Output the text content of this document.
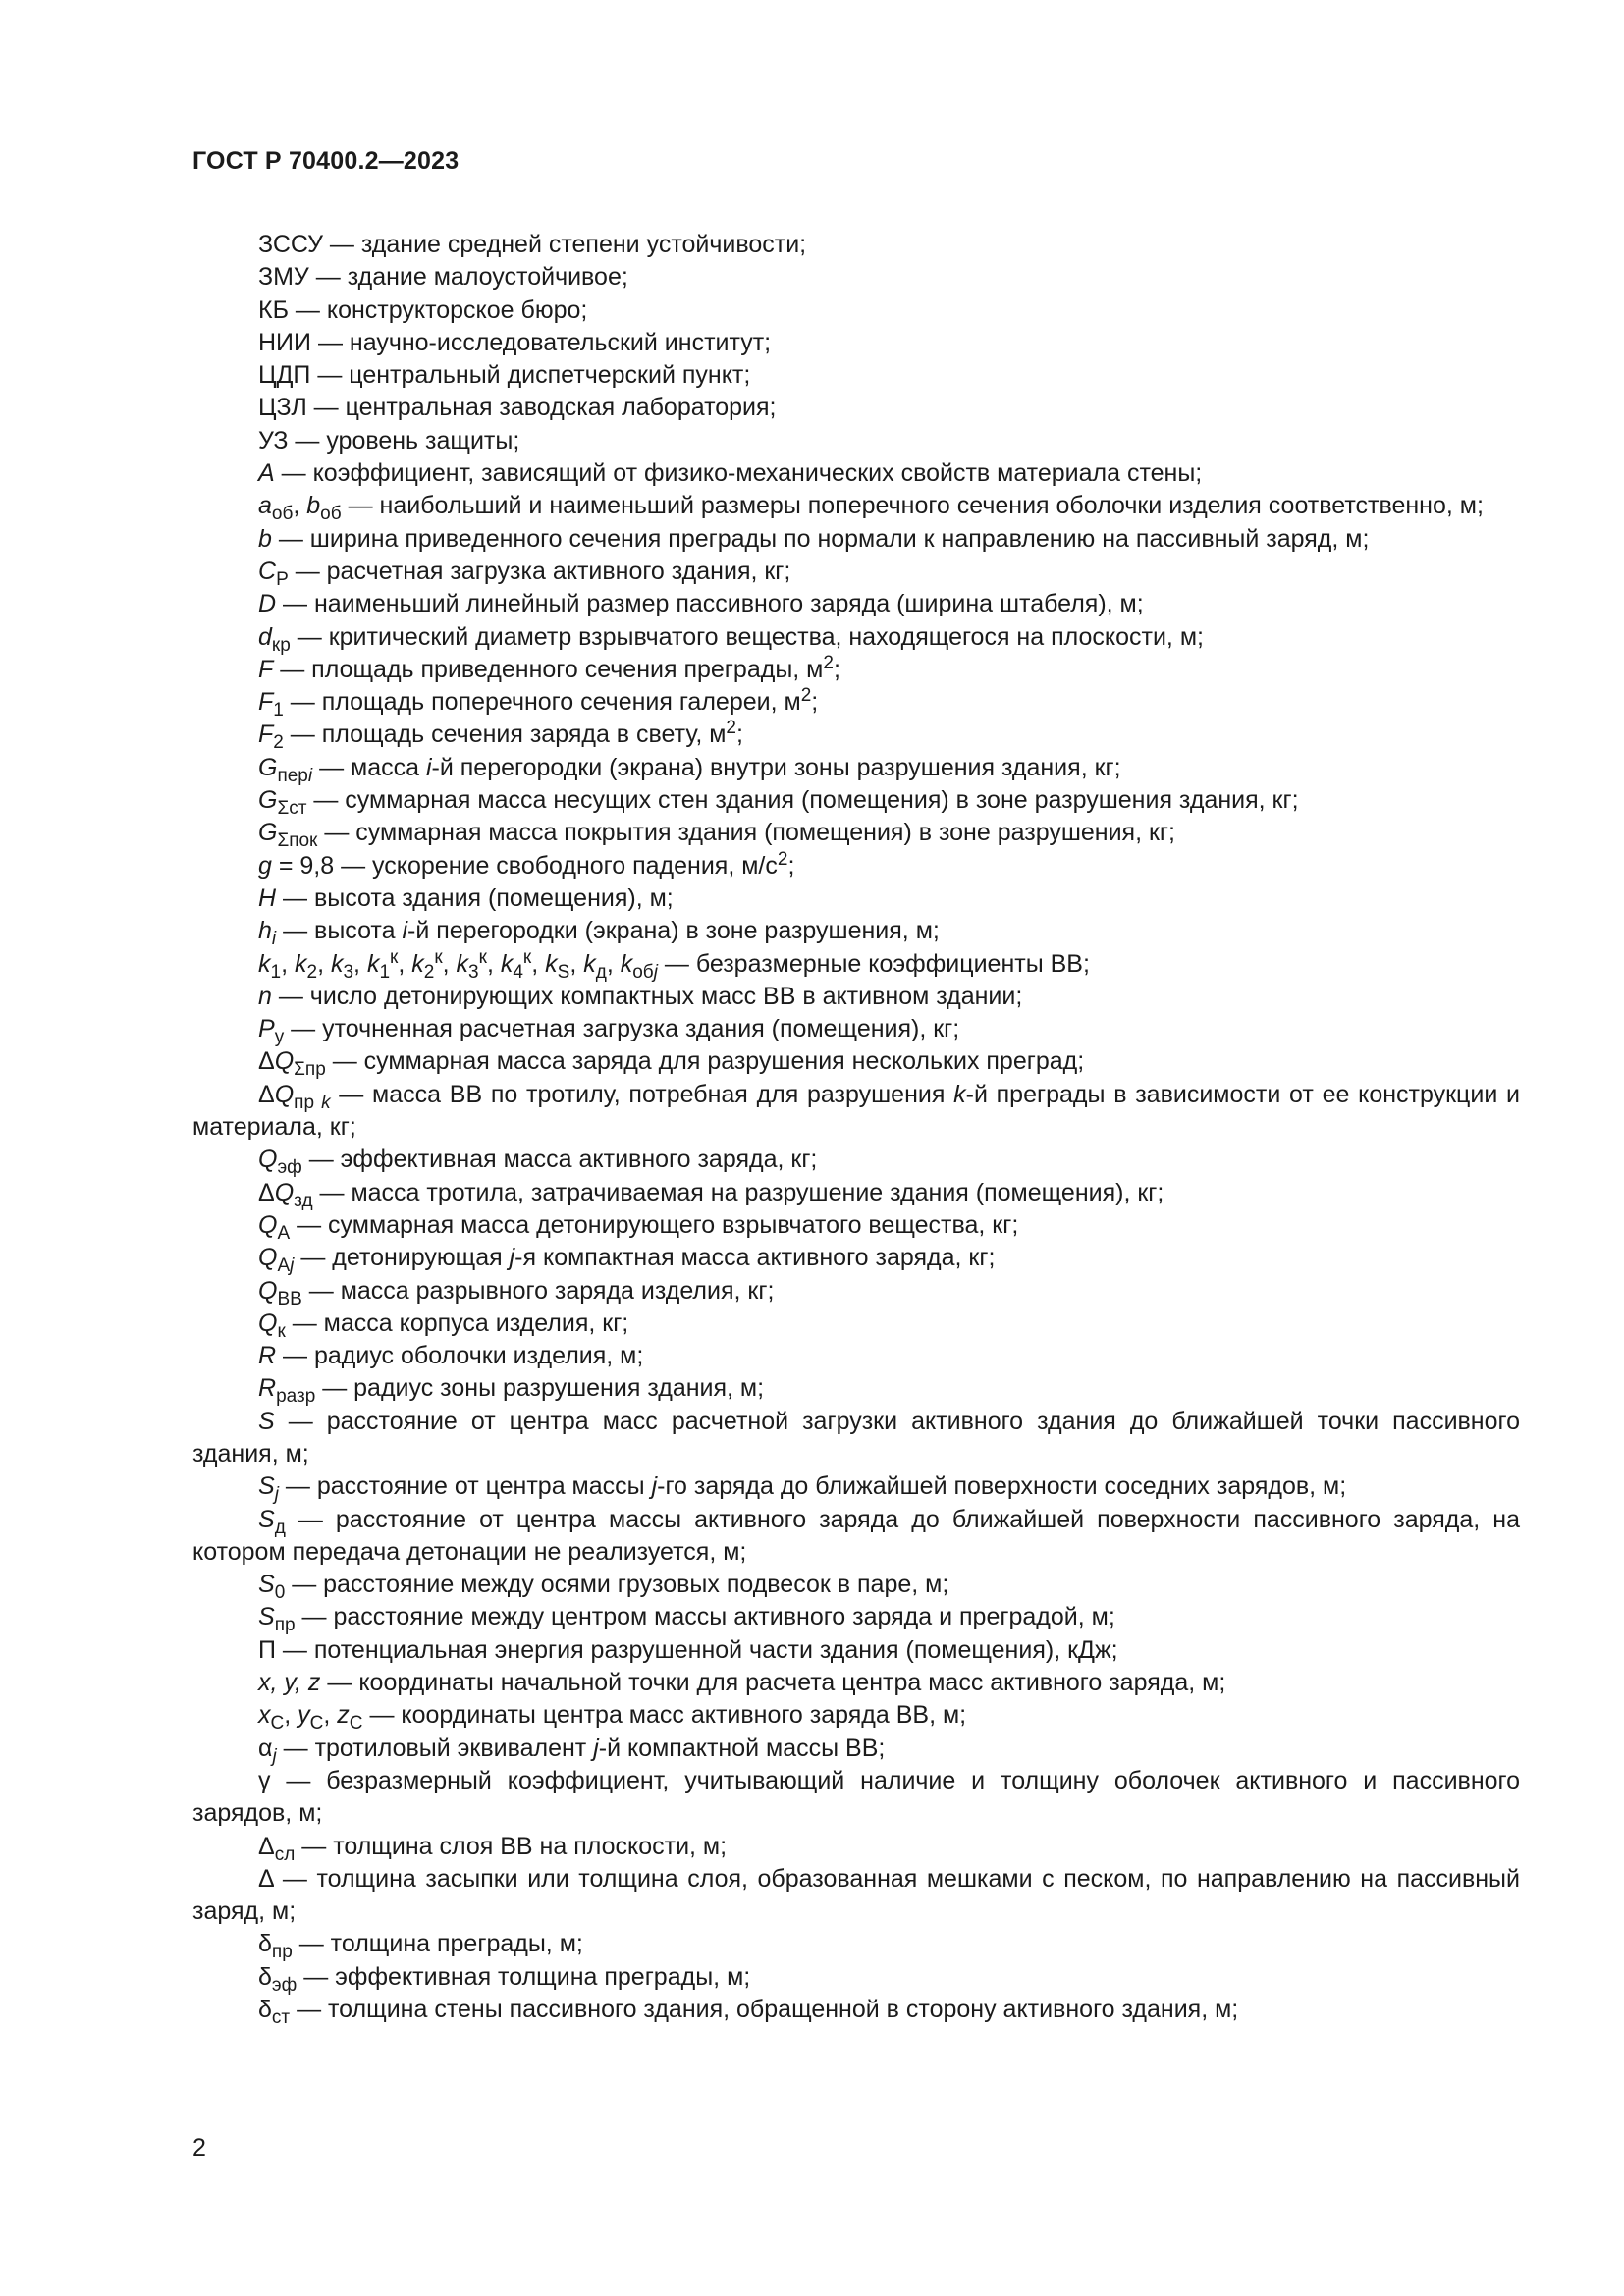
ГОСТ Р 70400.2—2023

ЗССУ — здание средней степени устойчивости;

ЗМУ — здание малоустойчивое;

КБ — конструкторское бюро;

НИИ — научно-исследовательский институт;

ЦДП — центральный диспетчерский пункт;

ЦЗЛ — центральная заводская лаборатория;

УЗ — уровень защиты;

А — коэффициент, зависящий от физико-механических свойств материала стены;

$a_{об}$, $b_{об}$ — наибольший и наименьший размеры поперечного сечения оболочки изделия соответственно, м;

b — ширина приведенного сечения преграды по нормали к направлению на пассивный заряд, м;

$C_Р$ — расчетная загрузка активного здания, кг;

D — наименьший линейный размер пассивного заряда (ширина штабеля), м;

$d_{кр}$ — критический диаметр взрывчатого вещества, находящегося на плоскости, м;

F — площадь приведенного сечения преграды, $м^2$;

$F_1$ — площадь поперечного сечения галереи, $м^2$;

$F_2$ — площадь сечения заряда в свету, $м^2$;

$G_{перi}$ — масса i-й перегородки (экрана) внутри зоны разрушения здания, кг;

$G_{\Sigma ст}$ — суммарная масса несущих стен здания (помещения) в зоне разрушения здания, кг;

$G_{\Sigma пок}$ — суммарная масса покрытия здания (помещения) в зоне разрушения, кг;

g = 9,8 — ускорение свободного падения, $м/с^2$;

H — высота здания (помещения), м;

$h_i$ — высота i-й перегородки (экрана) в зоне разрушения, м;

$k_1$, $k_2$, $k_3$, $k_1^к$, $k_2^к$, $k_3^к$, $k_4^к$, $k_S$, $k_д$, $k_{обj}$ — безразмерные коэффициенты ВВ;

n — число детонирующих компактных масс ВВ в активном здании;

$P_у$ — уточненная расчетная загрузка здания (помещения), кг;

$\Delta Q_{\Sigma пр}$ — суммарная масса заряда для разрушения нескольких преград;

$\Delta Q_{пр k}$ — масса ВВ по тротилу, потребная для разрушения k-й преграды в зависимости от ее конструкции и материала, кг;

$Q_{эф}$ — эффективная масса активного заряда, кг;

$\Delta Q_{зд}$ — масса тротила, затрачиваемая на разрушение здания (помещения), кг;

$Q_А$ — суммарная масса детонирующего взрывчатого вещества, кг;

$Q_{Аj}$ — детонирующая j-я компактная масса активного заряда, кг;

$Q_{ВВ}$ — масса разрывного заряда изделия, кг;

$Q_к$ — масса корпуса изделия, кг;

R — радиус оболочки изделия, м;

$R_{разр}$ — радиус зоны разрушения здания, м;

S — расстояние от центра масс расчетной загрузки активного здания до ближайшей точки пассивного здания, м;

$S_j$ — расстояние от центра массы j-го заряда до ближайшей поверхности соседних зарядов, м;

$S_д$ — расстояние от центра массы активного заряда до ближайшей поверхности пассивного заряда, на котором передача детонации не реализуется, м;

$S_0$ — расстояние между осями грузовых подвесок в паре, м;

$S_{пр}$ — расстояние между центром массы активного заряда и преградой, м;

П — потенциальная энергия разрушенной части здания (помещения), кДж;

x, y, z — координаты начальной точки для расчета центра масс активного заряда, м;

$x_С$, $y_С$, $z_С$ — координаты центра масс активного заряда ВВ, м;

$\alpha_j$ — тротиловый эквивалент j-й компактной массы ВВ;

γ — безразмерный коэффициент, учитывающий наличие и толщину оболочек активного и пассивного зарядов, м;

$\Delta_{сл}$ — толщина слоя ВВ на плоскости, м;

Δ — толщина засыпки или толщина слоя, образованная мешками с песком, по направлению на пассивный заряд, м;

$\delta_{пр}$ — толщина преграды, м;

$\delta_{эф}$ — эффективная толщина преграды, м;

$\delta_{ст}$ — толщина стены пассивного здания, обращенной в сторону активного здания, м;

2
